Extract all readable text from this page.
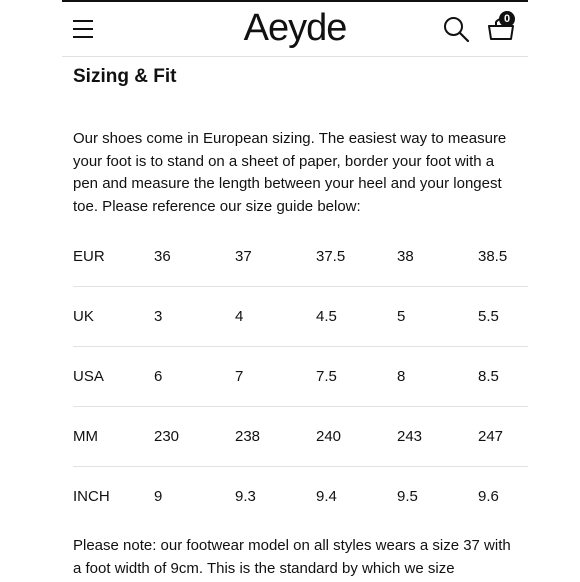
Aeyde	0
Sizing & Fit

Our shoes come in European sizing. The easiest way to measure your foot is to stand on a sheet of paper, border your foot with a pen and measure the length between your heel and your longest toe. Please reference our size guide below:

EUR	36	37	37.5	38	38.5
UK	3	4	4.5	5	5.5
USA	6	7	7.5	8	8.5
MM	230	238	240	243	247
INCH	9	9.3	9.4	9.5	9.6

Please note: our footwear model on all styles wears a size 37 with a foot width of 9cm. This is the standard by which we size
